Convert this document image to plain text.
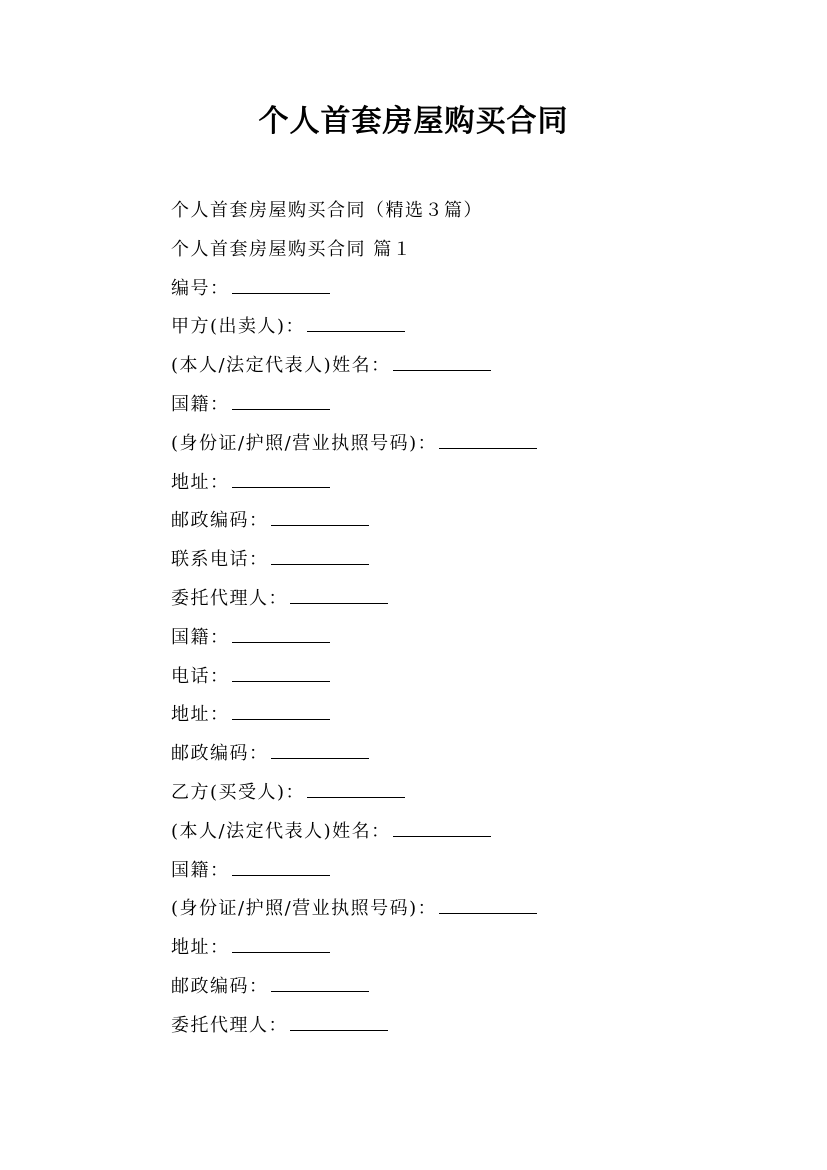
个人首套房屋购买合同
个人首套房屋购买合同（精选３篇）
个人首套房屋购买合同 篇１
编号：
甲方(出卖人)：
(本人/法定代表人)姓名：
国籍：
(身份证/护照/营业执照号码)：
地址：
邮政编码：
联系电话：
委托代理人：
国籍：
电话：
地址：
邮政编码：
乙方(买受人)：
(本人/法定代表人)姓名：
国籍：
(身份证/护照/营业执照号码)：
地址：
邮政编码：
委托代理人：
